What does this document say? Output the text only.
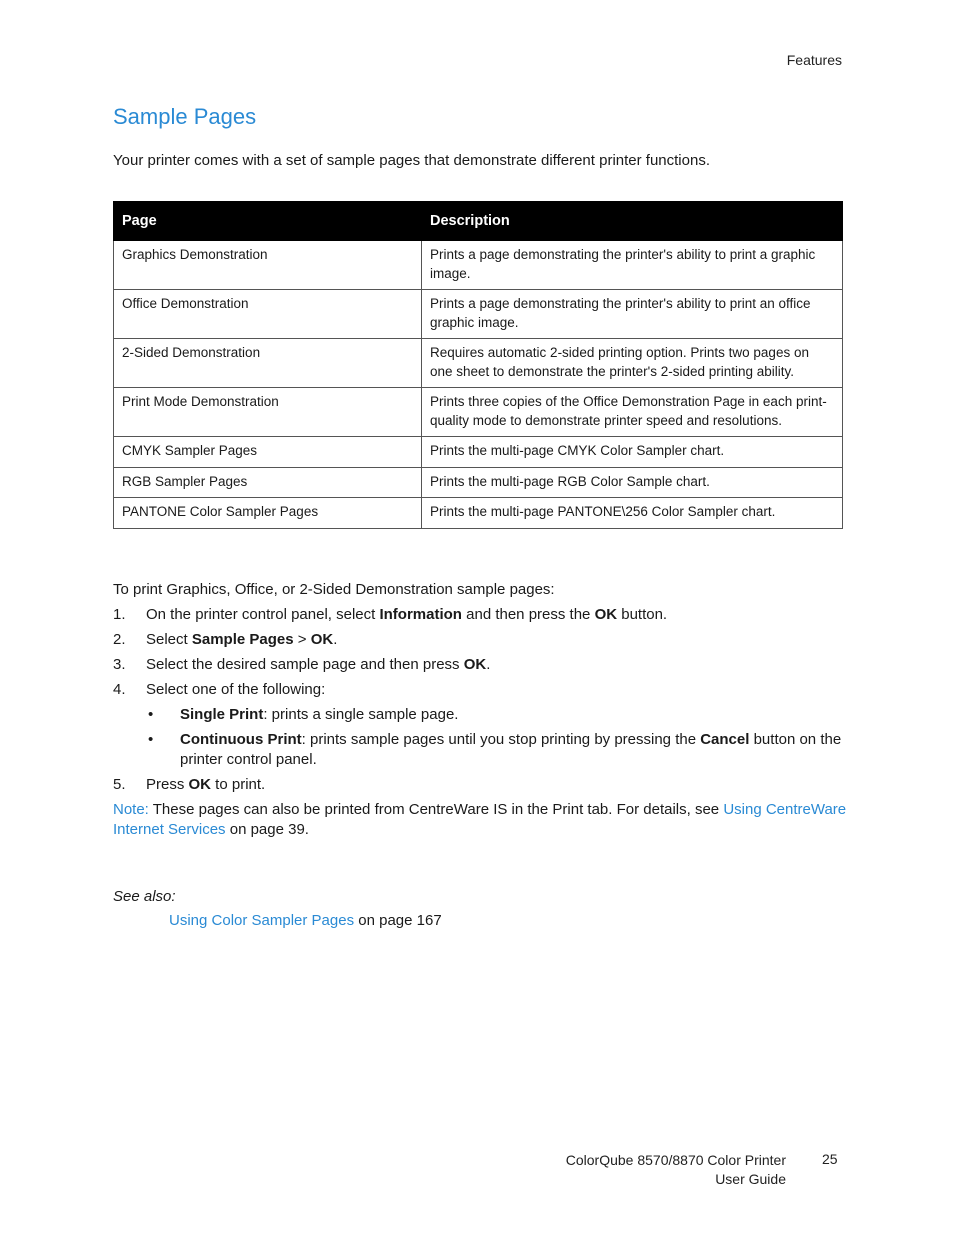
Features
Sample Pages

Your printer comes with a set of sample pages that demonstrate different printer functions.

Page	Description
Graphics Demonstration	Prints a page demonstrating the printer's ability to print a graphic image.
Office Demonstration	Prints a page demonstrating the printer's ability to print an office graphic image.
2-Sided Demonstration	Requires automatic 2-sided printing option. Prints two pages on one sheet to demonstrate the printer's 2-sided printing ability.
Print Mode Demonstration	Prints three copies of the Office Demonstration Page in each print-quality mode to demonstrate printer speed and resolutions.
CMYK Sampler Pages	Prints the multi-page CMYK Color Sampler chart.
RGB Sampler Pages	Prints the multi-page RGB Color Sample chart.
PANTONE Color Sampler Pages	Prints the multi-page PANTONE\256 Color Sampler chart.

To print Graphics, Office, or 2-Sided Demonstration sample pages:

1. On the printer control panel, select Information and then press the OK button.
2. Select Sample Pages > OK.
3. Select the desired sample page and then press OK.
4. Select one of the following:
• Single Print: prints a single sample page.
• Continuous Print: prints sample pages until you stop printing by pressing the Cancel button on the printer control panel.
5. Press OK to print.

Note: These pages can also be printed from CentreWare IS in the Print tab. For details, see Using CentreWare Internet Services on page 39.

See also:

Using Color Sampler Pages on page 167

ColorQube 8570/8870 Color Printer
User Guide
25
